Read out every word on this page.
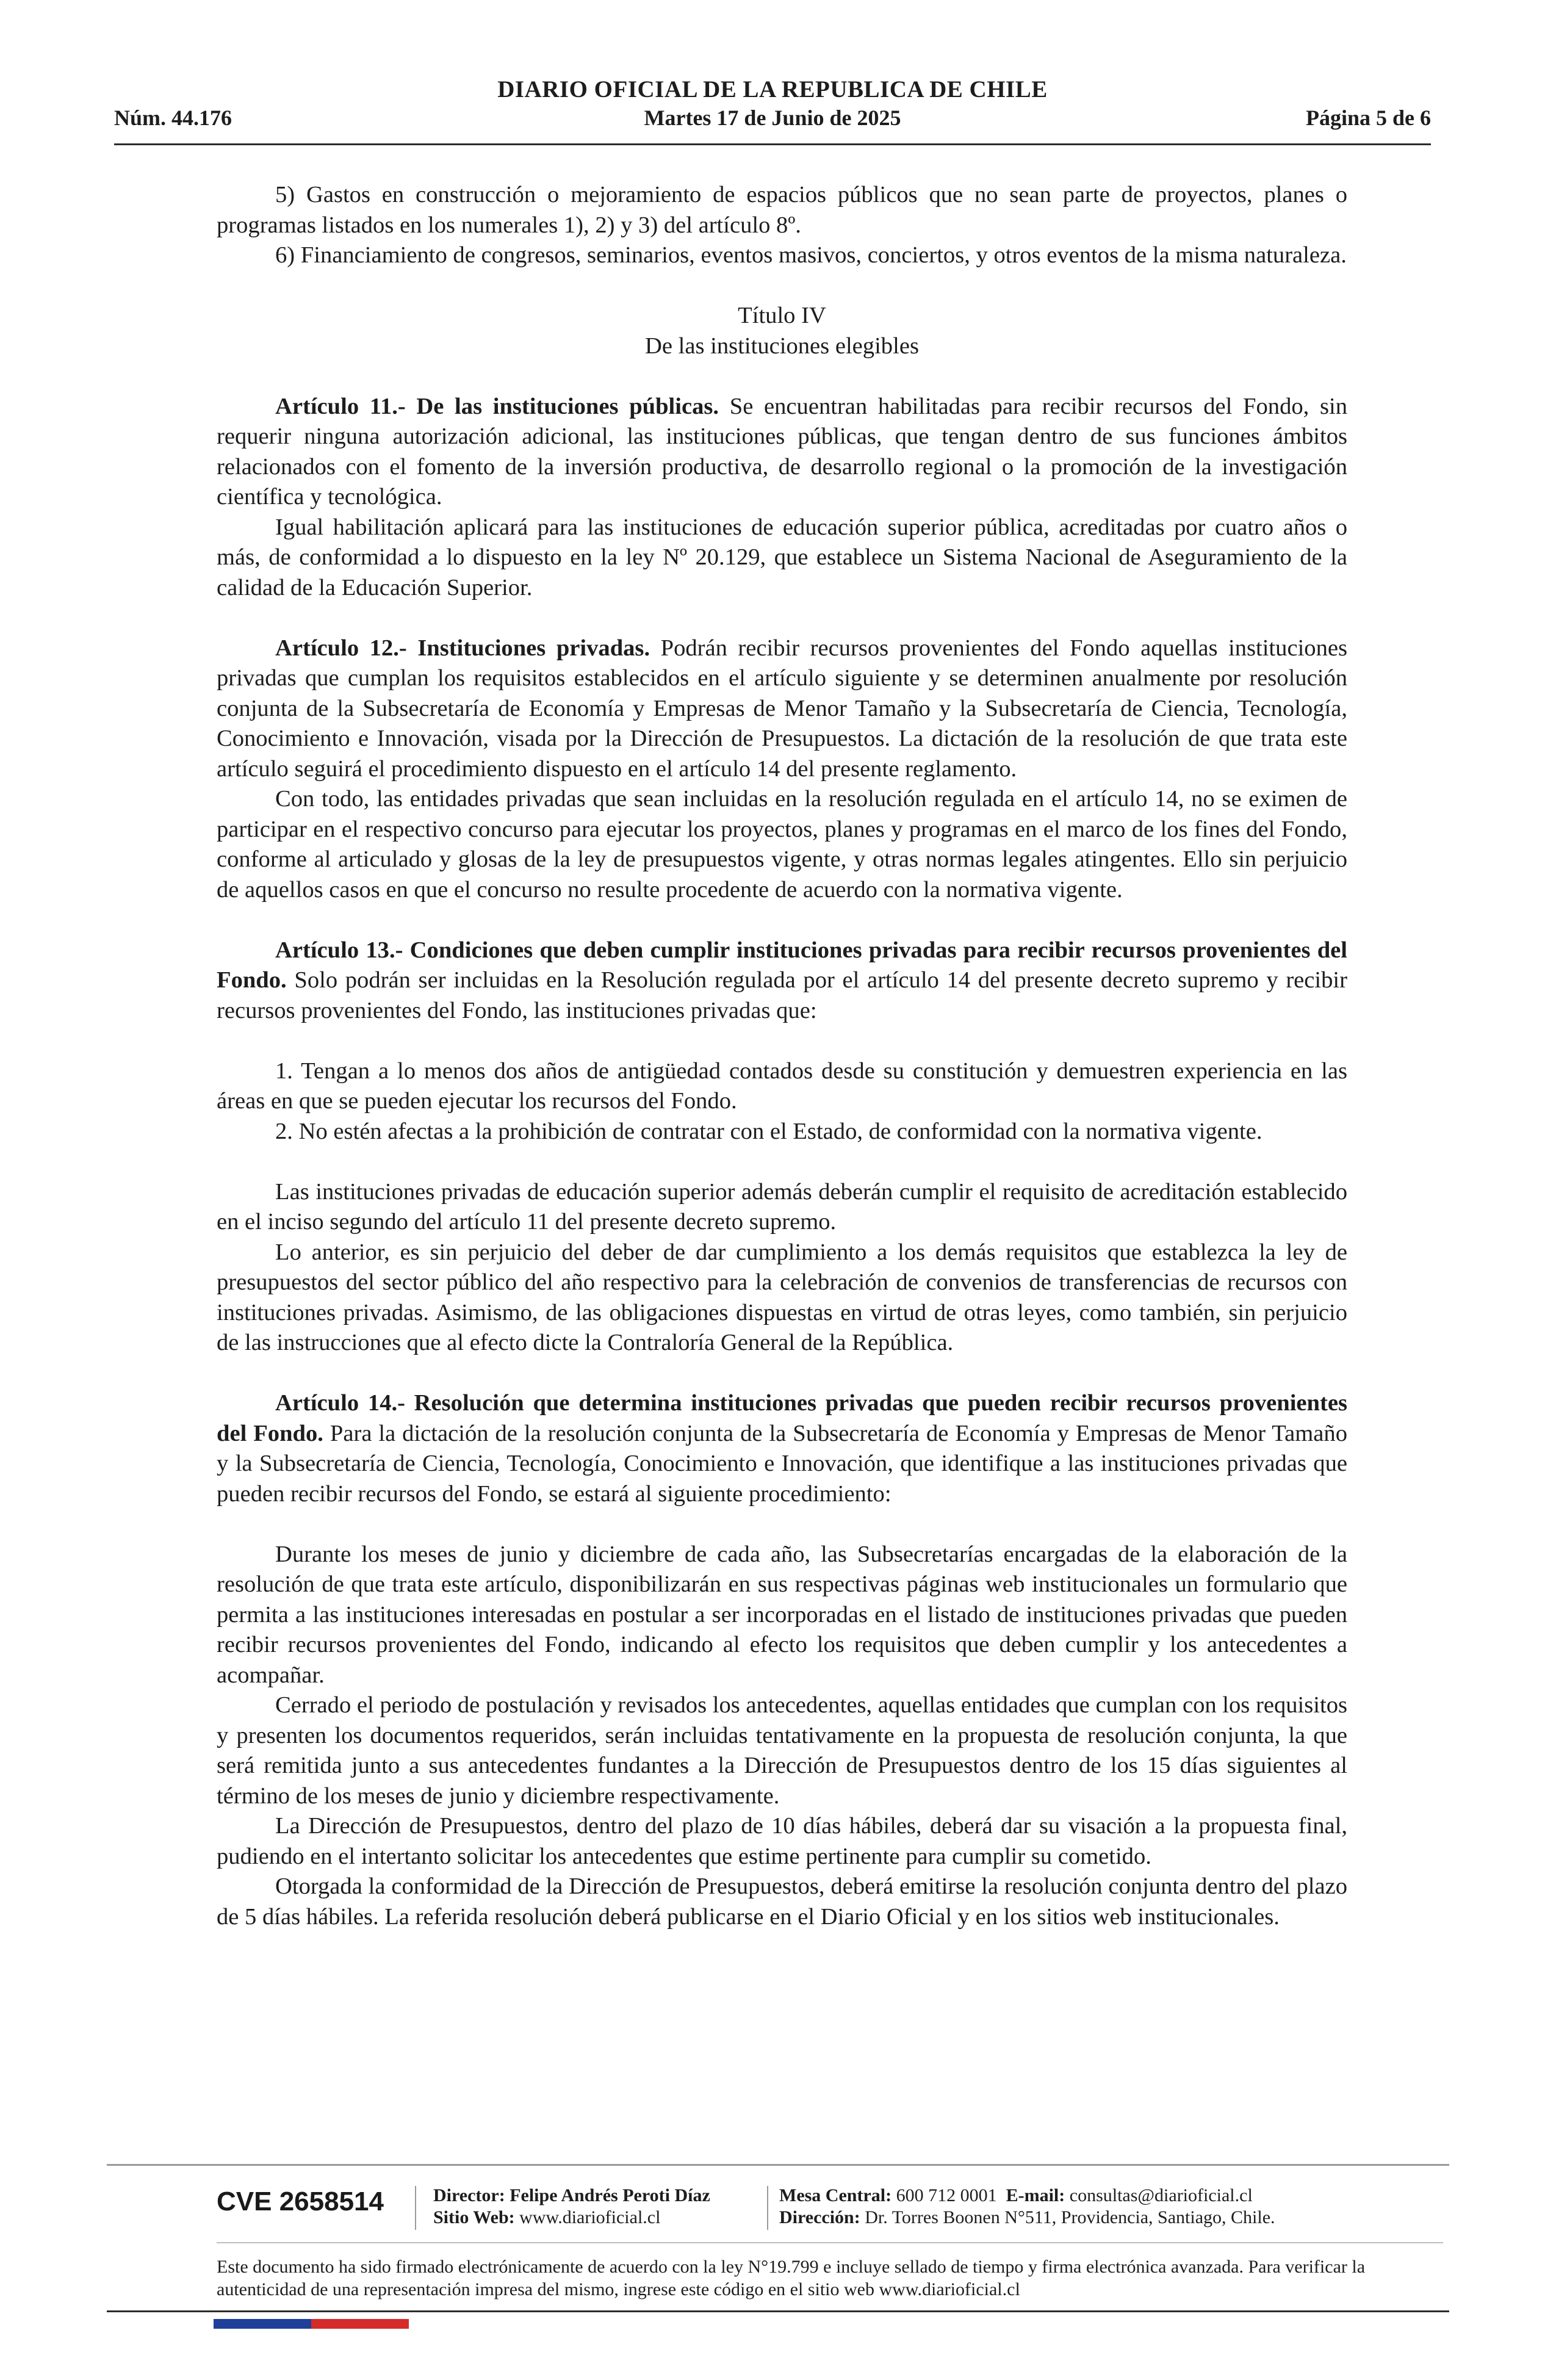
DIARIO OFICIAL DE LA REPUBLICA DE CHILE
Núm. 44.176	Martes 17 de Junio de 2025	Página 5 de 6

5) Gastos en construcción o mejoramiento de espacios públicos que no sean parte de proyectos, planes o programas listados en los numerales 1), 2) y 3) del artículo 8º.

6) Financiamiento de congresos, seminarios, eventos masivos, conciertos, y otros eventos de la misma naturaleza.

Título IV

De las instituciones elegibles

Artículo 11.- De las instituciones públicas. Se encuentran habilitadas para recibir recursos del Fondo, sin requerir ninguna autorización adicional, las instituciones públicas, que tengan dentro de sus funciones ámbitos relacionados con el fomento de la inversión productiva, de desarrollo regional o la promoción de la investigación científica y tecnológica.

Igual habilitación aplicará para las instituciones de educación superior pública, acreditadas por cuatro años o más, de conformidad a lo dispuesto en la ley Nº 20.129, que establece un Sistema Nacional de Aseguramiento de la calidad de la Educación Superior.

Artículo 12.- Instituciones privadas. Podrán recibir recursos provenientes del Fondo aquellas instituciones privadas que cumplan los requisitos establecidos en el artículo siguiente y se determinen anualmente por resolución conjunta de la Subsecretaría de Economía y Empresas de Menor Tamaño y la Subsecretaría de Ciencia, Tecnología, Conocimiento e Innovación, visada por la Dirección de Presupuestos. La dictación de la resolución de que trata este artículo seguirá el procedimiento dispuesto en el artículo 14 del presente reglamento.

Con todo, las entidades privadas que sean incluidas en la resolución regulada en el artículo 14, no se eximen de participar en el respectivo concurso para ejecutar los proyectos, planes y programas en el marco de los fines del Fondo, conforme al articulado y glosas de la ley de presupuestos vigente, y otras normas legales atingentes. Ello sin perjuicio de aquellos casos en que el concurso no resulte procedente de acuerdo con la normativa vigente.

Artículo 13.- Condiciones que deben cumplir instituciones privadas para recibir recursos provenientes del Fondo. Solo podrán ser incluidas en la Resolución regulada por el artículo 14 del presente decreto supremo y recibir recursos provenientes del Fondo, las instituciones privadas que:

1. Tengan a lo menos dos años de antigüedad contados desde su constitución y demuestren experiencia en las áreas en que se pueden ejecutar los recursos del Fondo.

2. No estén afectas a la prohibición de contratar con el Estado, de conformidad con la normativa vigente.

Las instituciones privadas de educación superior además deberán cumplir el requisito de acreditación establecido en el inciso segundo del artículo 11 del presente decreto supremo.

Lo anterior, es sin perjuicio del deber de dar cumplimiento a los demás requisitos que establezca la ley de presupuestos del sector público del año respectivo para la celebración de convenios de transferencias de recursos con instituciones privadas. Asimismo, de las obligaciones dispuestas en virtud de otras leyes, como también, sin perjuicio de las instrucciones que al efecto dicte la Contraloría General de la República.

Artículo 14.- Resolución que determina instituciones privadas que pueden recibir recursos provenientes del Fondo. Para la dictación de la resolución conjunta de la Subsecretaría de Economía y Empresas de Menor Tamaño y la Subsecretaría de Ciencia, Tecnología, Conocimiento e Innovación, que identifique a las instituciones privadas que pueden recibir recursos del Fondo, se estará al siguiente procedimiento:

Durante los meses de junio y diciembre de cada año, las Subsecretarías encargadas de la elaboración de la resolución de que trata este artículo, disponibilizarán en sus respectivas páginas web institucionales un formulario que permita a las instituciones interesadas en postular a ser incorporadas en el listado de instituciones privadas que pueden recibir recursos provenientes del Fondo, indicando al efecto los requisitos que deben cumplir y los antecedentes a acompañar.

Cerrado el periodo de postulación y revisados los antecedentes, aquellas entidades que cumplan con los requisitos y presenten los documentos requeridos, serán incluidas tentativamente en la propuesta de resolución conjunta, la que será remitida junto a sus antecedentes fundantes a la Dirección de Presupuestos dentro de los 15 días siguientes al término de los meses de junio y diciembre respectivamente.

La Dirección de Presupuestos, dentro del plazo de 10 días hábiles, deberá dar su visación a la propuesta final, pudiendo en el intertanto solicitar los antecedentes que estime pertinente para cumplir su cometido.

Otorgada la conformidad de la Dirección de Presupuestos, deberá emitirse la resolución conjunta dentro del plazo de 5 días hábiles. La referida resolución deberá publicarse en el Diario Oficial y en los sitios web institucionales.

CVE 2658514	Director: Felipe Andrés Peroti Díaz
Sitio Web: www.diarioficial.cl
Mesa Central: 600 712 0001 E-mail: consultas@diarioficial.cl
Dirección: Dr. Torres Boonen N°511, Providencia, Santiago, Chile.
Este documento ha sido firmado electrónicamente de acuerdo con la ley N°19.799 e incluye sellado de tiempo y firma electrónica avanzada. Para verificar la autenticidad de una representación impresa del mismo, ingrese este código en el sitio web www.diarioficial.cl
